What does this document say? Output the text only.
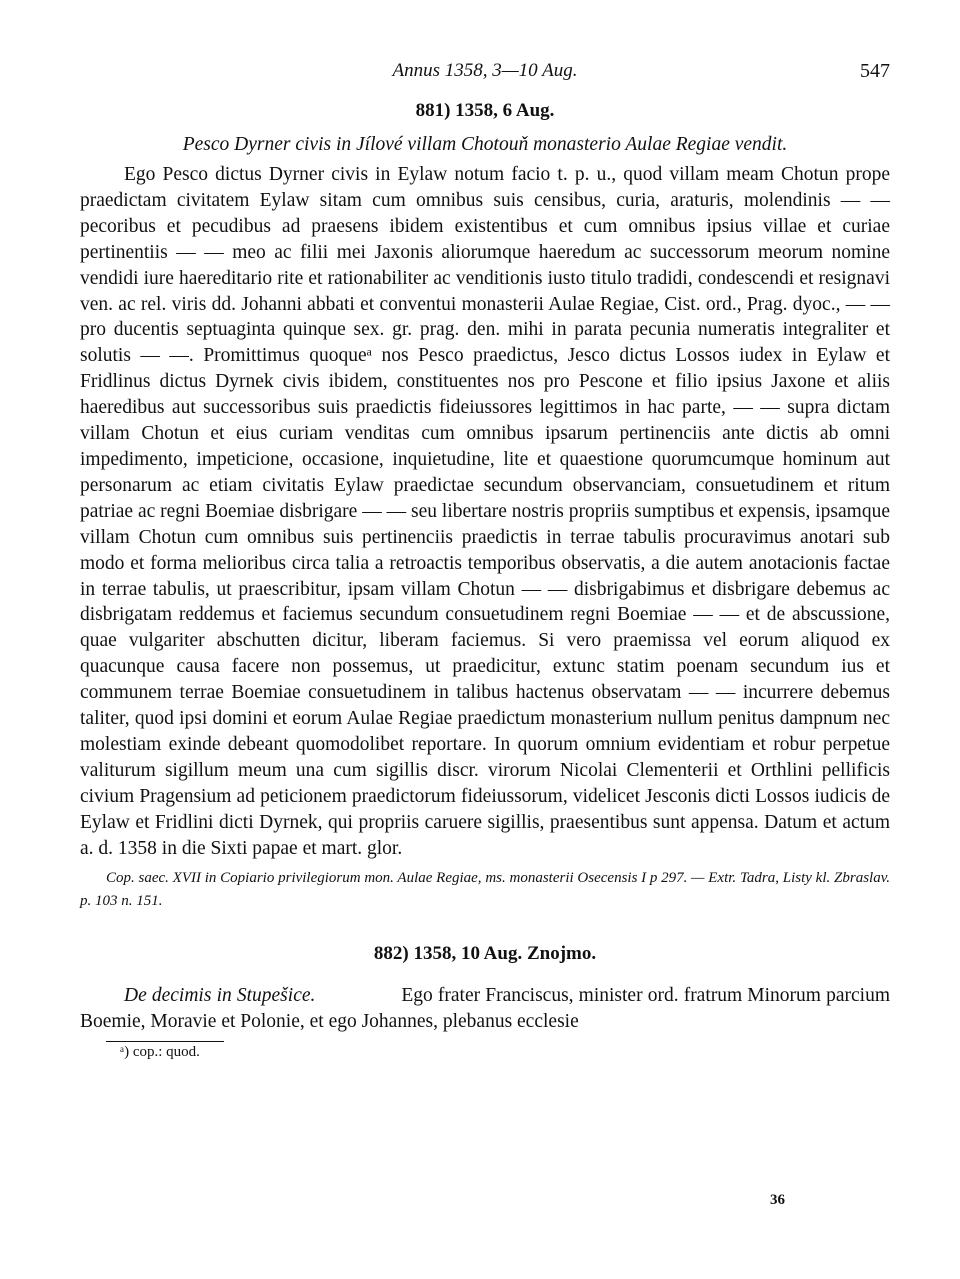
Annus 1358, 3—10 Aug.	547
881) 1358, 6 Aug.
Pesco Dyrner civis in Jílové villam Chotouň monasterio Aulae Regiae vendit.

Ego Pesco dictus Dyrner civis in Eylaw notum facio t. p. u., quod villam meam Chotun prope praedictam civitatem Eylaw sitam cum omnibus suis censibus, curia, araturis, molendinis — — pecoribus et pecudibus ad praesens ibidem existentibus et cum omnibus ipsius villae et curiae pertinentiis — — meo ac filii mei Jaxonis aliorumque haeredum ac successorum meorum nomine vendidi iure haereditario rite et rationabiliter ac venditionis iusto titulo tradidi, condescendi et resignavi ven. ac rel. viris dd. Johanni abbati et conventui monasterii Aulae Regiae, Cist. ord., Prag. dyoc., — — pro ducentis septuaginta quinque sex. gr. prag. den. mihi in parata pecunia numeratis integraliter et solutis — —. Promittimus quoqueᵃ nos Pesco praedictus, Jesco dictus Lossos iudex in Eylaw et Fridlinus dictus Dyrnek civis ibidem, constituentes nos pro Pescone et filio ipsius Jaxone et aliis haeredibus aut successoribus suis praedictis fideiussores legittimos in hac parte, — — supra dictam villam Chotun et eius curiam venditas cum omnibus ipsarum pertinenciis ante dictis ab omni impedimento, impeticione, occasione, inquietudine, lite et quaestione quorumcumque hominum aut personarum ac etiam civitatis Eylaw praedictae secundum observanciam, consuetudinem et ritum patriae ac regni Boemiae disbrigare — — seu libertare nostris propriis sumptibus et expensis, ipsamque villam Chotun cum omnibus suis pertinenciis praedictis in terrae tabulis procuravimus anotari sub modo et forma melioribus circa talia a retroactis temporibus observatis, a die autem anotacionis factae in terrae tabulis, ut praescribitur, ipsam villam Chotun — — disbrigabimus et disbrigare debemus ac disbrigatam reddemus et faciemus secundum consuetudinem regni Boemiae — — et de abscussione, quae vulgariter abschutten dicitur, liberam faciemus. Si vero praemissa vel eorum aliquod ex quacunque causa facere non possemus, ut praedicitur, extunc statim poenam secundum ius et communem terrae Boemiae consuetudinem in talibus hactenus observatam — — incurrere debemus taliter, quod ipsi domini et eorum Aulae Regiae praedictum monasterium nullum penitus dampnum nec molestiam exinde debeant quomodolibet reportare. In quorum omnium evidentiam et robur perpetue valiturum sigillum meum una cum sigillis discr. virorum Nicolai Clementerii et Orthlini pellificis civium Pragensium ad peticionem praedictorum fideiussorum, videlicet Jesconis dicti Lossos iudicis de Eylaw et Fridlini dicti Dyrnek, qui propriis caruere sigillis, praesentibus sunt appensa. Datum et actum a. d. 1358 in die Sixti papae et mart. glor.

Cop. saec. XVII in Copiario privilegiorum mon. Aulae Regiae, ms. monasterii Osecensis I p 297. — Extr. Tadra, Listy kl. Zbraslav. p. 103 n. 151.
882) 1358, 10 Aug. Znojmo.
De decimis in Stupešice.	Ego frater Franciscus, minister ord. fratrum Minorum parcium Boemie, Moravie et Polonie, et ego Johannes, plebanus ecclesie
ᵃ) cop.: quod.
36
